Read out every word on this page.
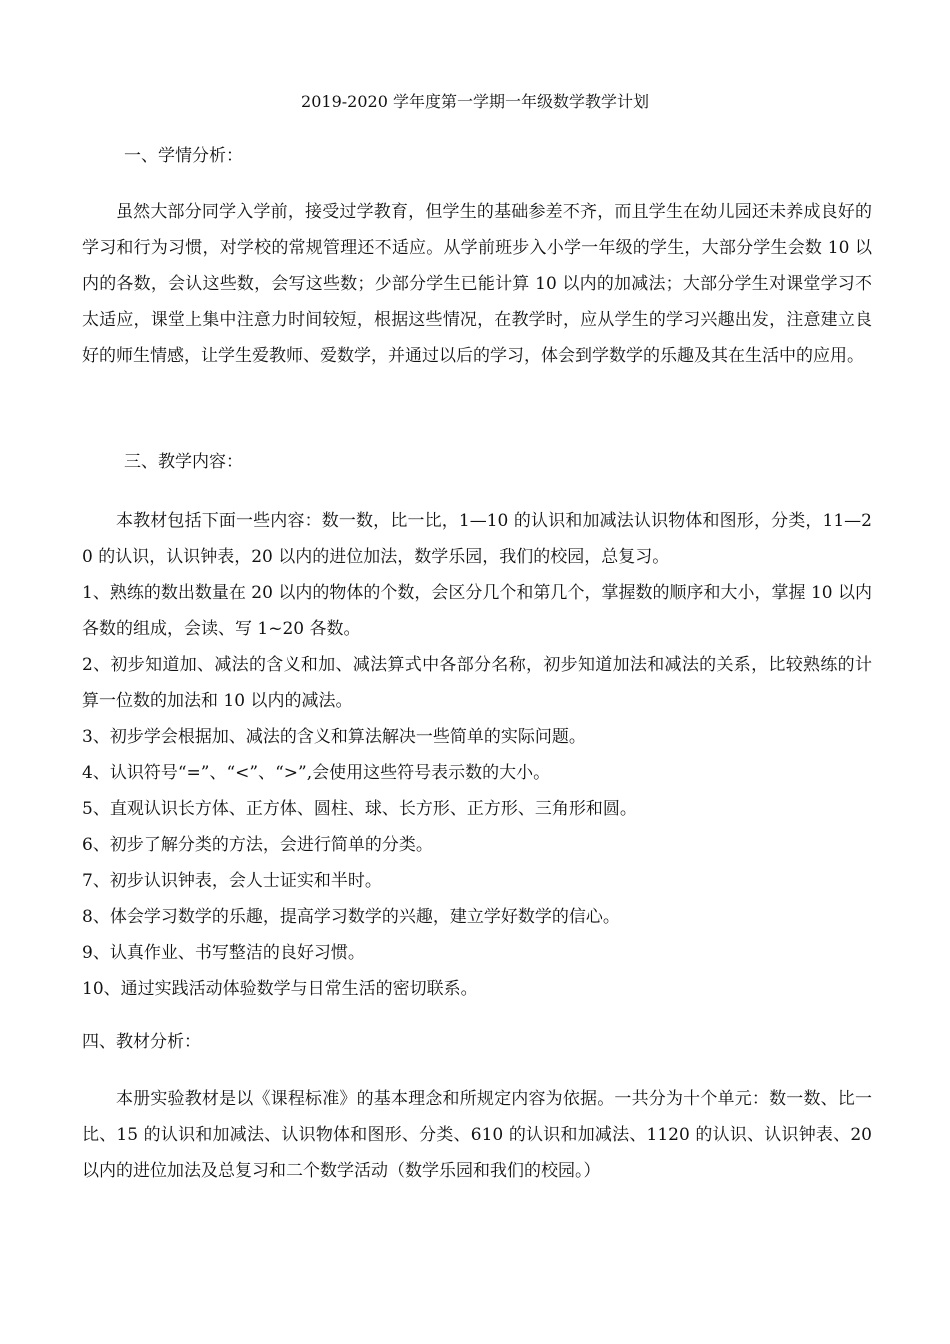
2019-2020 学年度第一学期一年级数学教学计划
一、学情分析：

虽然大部分同学入学前，接受过学教育，但学生的基础参差不齐，而且学生在幼儿园还未养成良好的学习和行为习惯，对学校的常规管理还不适应。从学前班步入小学一年级的学生，大部分学生会数 10 以内的各数，会认这些数，会写这些数；少部分学生已能计算 10 以内的加减法；大部分学生对课堂学习不太适应，课堂上集中注意力时间较短，根据这些情况，在教学时，应从学生的学习兴趣出发，注意建立良好的师生情感，让学生爱教师、爱数学，并通过以后的学习，体会到学数学的乐趣及其在生活中的应用。

三、教学内容：

本教材包括下面一些内容：数一数，比一比，1—10 的认识和加减法认识物体和图形，分类，11—20 的认识，认识钟表，20 以内的进位加法，数学乐园，我们的校园，总复习。

1、熟练的数出数量在 20 以内的物体的个数，会区分几个和第几个，掌握数的顺序和大小，掌握 10 以内各数的组成，会读、写 1~20 各数。
2、初步知道加、减法的含义和加、减法算式中各部分名称，初步知道加法和减法的关系，比较熟练的计算一位数的加法和 10 以内的减法。
3、初步学会根据加、减法的含义和算法解决一些简单的实际问题。
4、认识符号“=”、“<”、“>”,会使用这些符号表示数的大小。
5、直观认识长方体、正方体、圆柱、球、长方形、正方形、三角形和圆。
6、初步了解分类的方法，会进行简单的分类。
7、初步认识钟表，会人士证实和半时。
8、体会学习数学的乐趣，提高学习数学的兴趣，建立学好数学的信心。
9、认真作业、书写整洁的良好习惯。
10、通过实践活动体验数学与日常生活的密切联系。
四、教材分析：

本册实验教材是以《课程标准》的基本理念和所规定内容为依据。一共分为十个单元：数一数、比一比、15 的认识和加减法、认识物体和图形、分类、610 的认识和加减法、1120 的认识、认识钟表、20 以内的进位加法及总复习和二个数学活动（数学乐园和我们的校园。）
